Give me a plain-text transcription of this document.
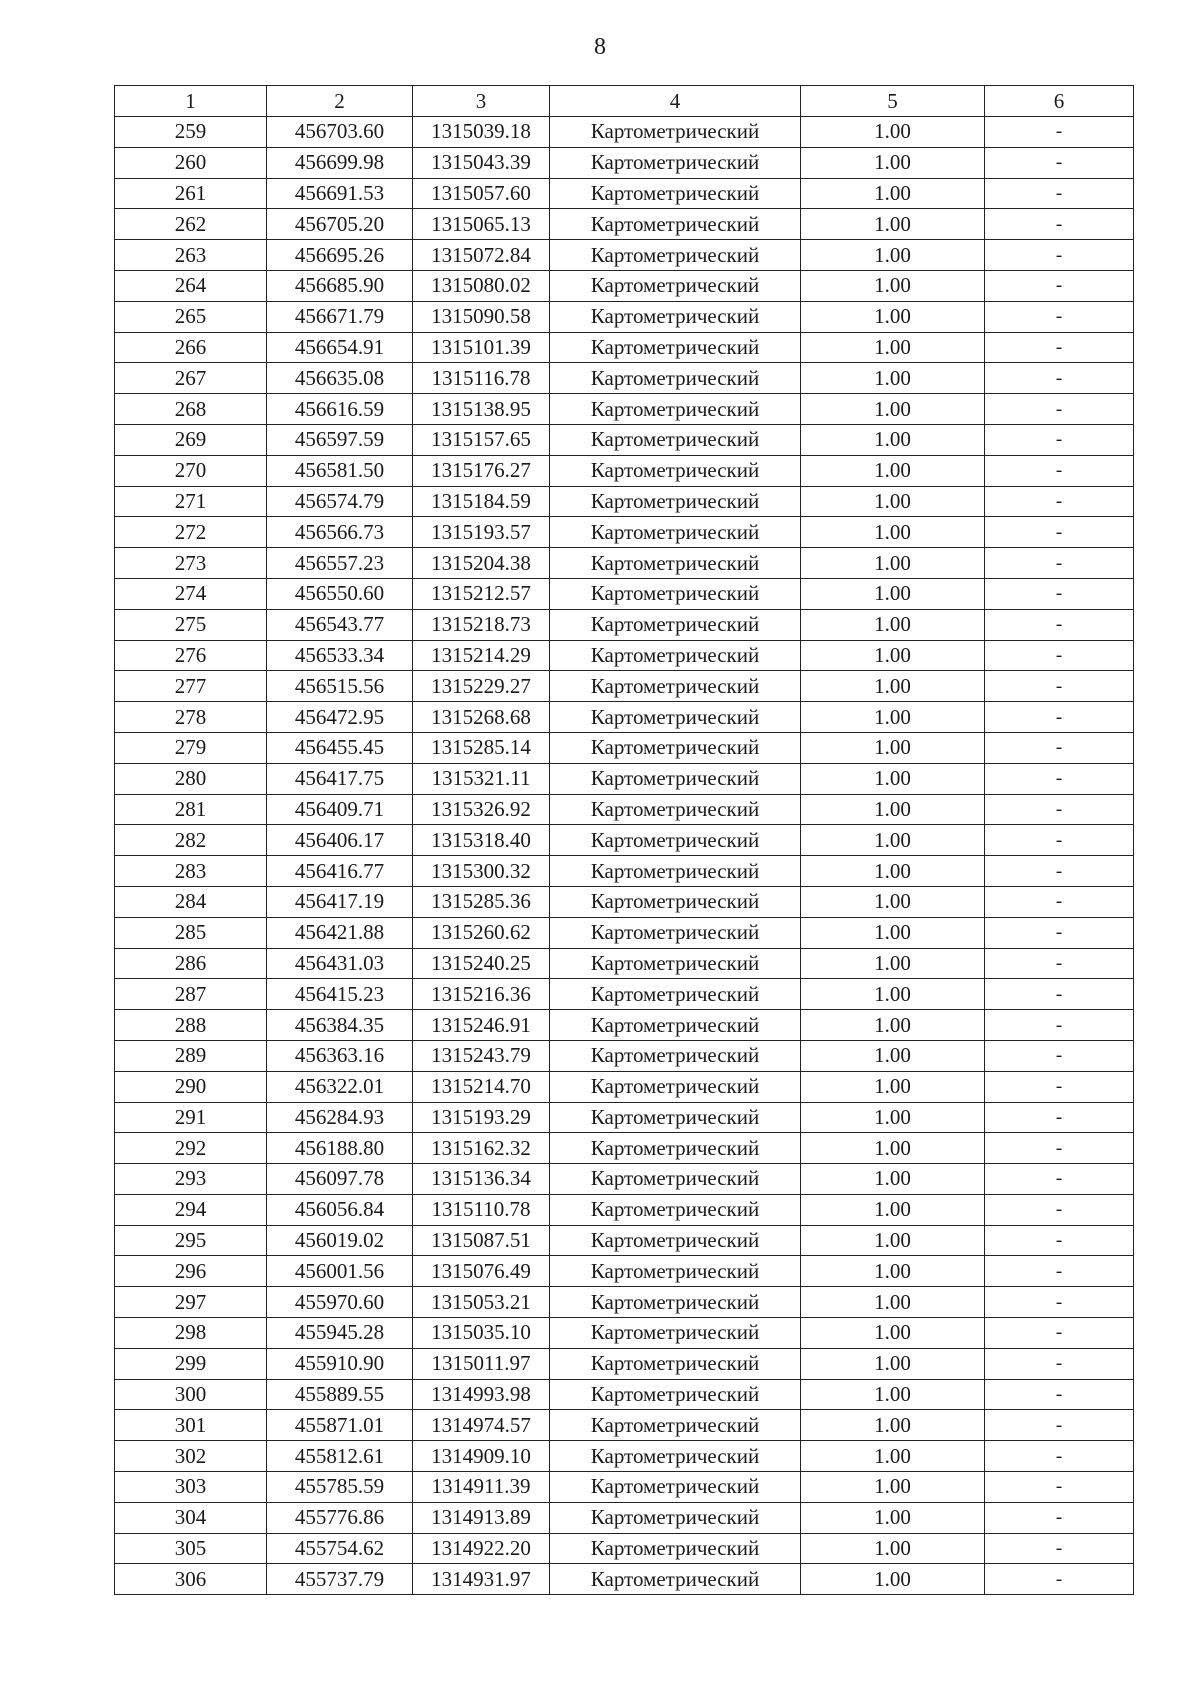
8
1	2	3	4	5	6
259	456703.60	1315039.18	Картометрический	1.00	-
260	456699.98	1315043.39	Картометрический	1.00	-
261	456691.53	1315057.60	Картометрический	1.00	-
262	456705.20	1315065.13	Картометрический	1.00	-
263	456695.26	1315072.84	Картометрический	1.00	-
264	456685.90	1315080.02	Картометрический	1.00	-
265	456671.79	1315090.58	Картометрический	1.00	-
266	456654.91	1315101.39	Картометрический	1.00	-
267	456635.08	1315116.78	Картометрический	1.00	-
268	456616.59	1315138.95	Картометрический	1.00	-
269	456597.59	1315157.65	Картометрический	1.00	-
270	456581.50	1315176.27	Картометрический	1.00	-
271	456574.79	1315184.59	Картометрический	1.00	-
272	456566.73	1315193.57	Картометрический	1.00	-
273	456557.23	1315204.38	Картометрический	1.00	-
274	456550.60	1315212.57	Картометрический	1.00	-
275	456543.77	1315218.73	Картометрический	1.00	-
276	456533.34	1315214.29	Картометрический	1.00	-
277	456515.56	1315229.27	Картометрический	1.00	-
278	456472.95	1315268.68	Картометрический	1.00	-
279	456455.45	1315285.14	Картометрический	1.00	-
280	456417.75	1315321.11	Картометрический	1.00	-
281	456409.71	1315326.92	Картометрический	1.00	-
282	456406.17	1315318.40	Картометрический	1.00	-
283	456416.77	1315300.32	Картометрический	1.00	-
284	456417.19	1315285.36	Картометрический	1.00	-
285	456421.88	1315260.62	Картометрический	1.00	-
286	456431.03	1315240.25	Картометрический	1.00	-
287	456415.23	1315216.36	Картометрический	1.00	-
288	456384.35	1315246.91	Картометрический	1.00	-
289	456363.16	1315243.79	Картометрический	1.00	-
290	456322.01	1315214.70	Картометрический	1.00	-
291	456284.93	1315193.29	Картометрический	1.00	-
292	456188.80	1315162.32	Картометрический	1.00	-
293	456097.78	1315136.34	Картометрический	1.00	-
294	456056.84	1315110.78	Картометрический	1.00	-
295	456019.02	1315087.51	Картометрический	1.00	-
296	456001.56	1315076.49	Картометрический	1.00	-
297	455970.60	1315053.21	Картометрический	1.00	-
298	455945.28	1315035.10	Картометрический	1.00	-
299	455910.90	1315011.97	Картометрический	1.00	-
300	455889.55	1314993.98	Картометрический	1.00	-
301	455871.01	1314974.57	Картометрический	1.00	-
302	455812.61	1314909.10	Картометрический	1.00	-
303	455785.59	1314911.39	Картометрический	1.00	-
304	455776.86	1314913.89	Картометрический	1.00	-
305	455754.62	1314922.20	Картометрический	1.00	-
306	455737.79	1314931.97	Картометрический	1.00	-
